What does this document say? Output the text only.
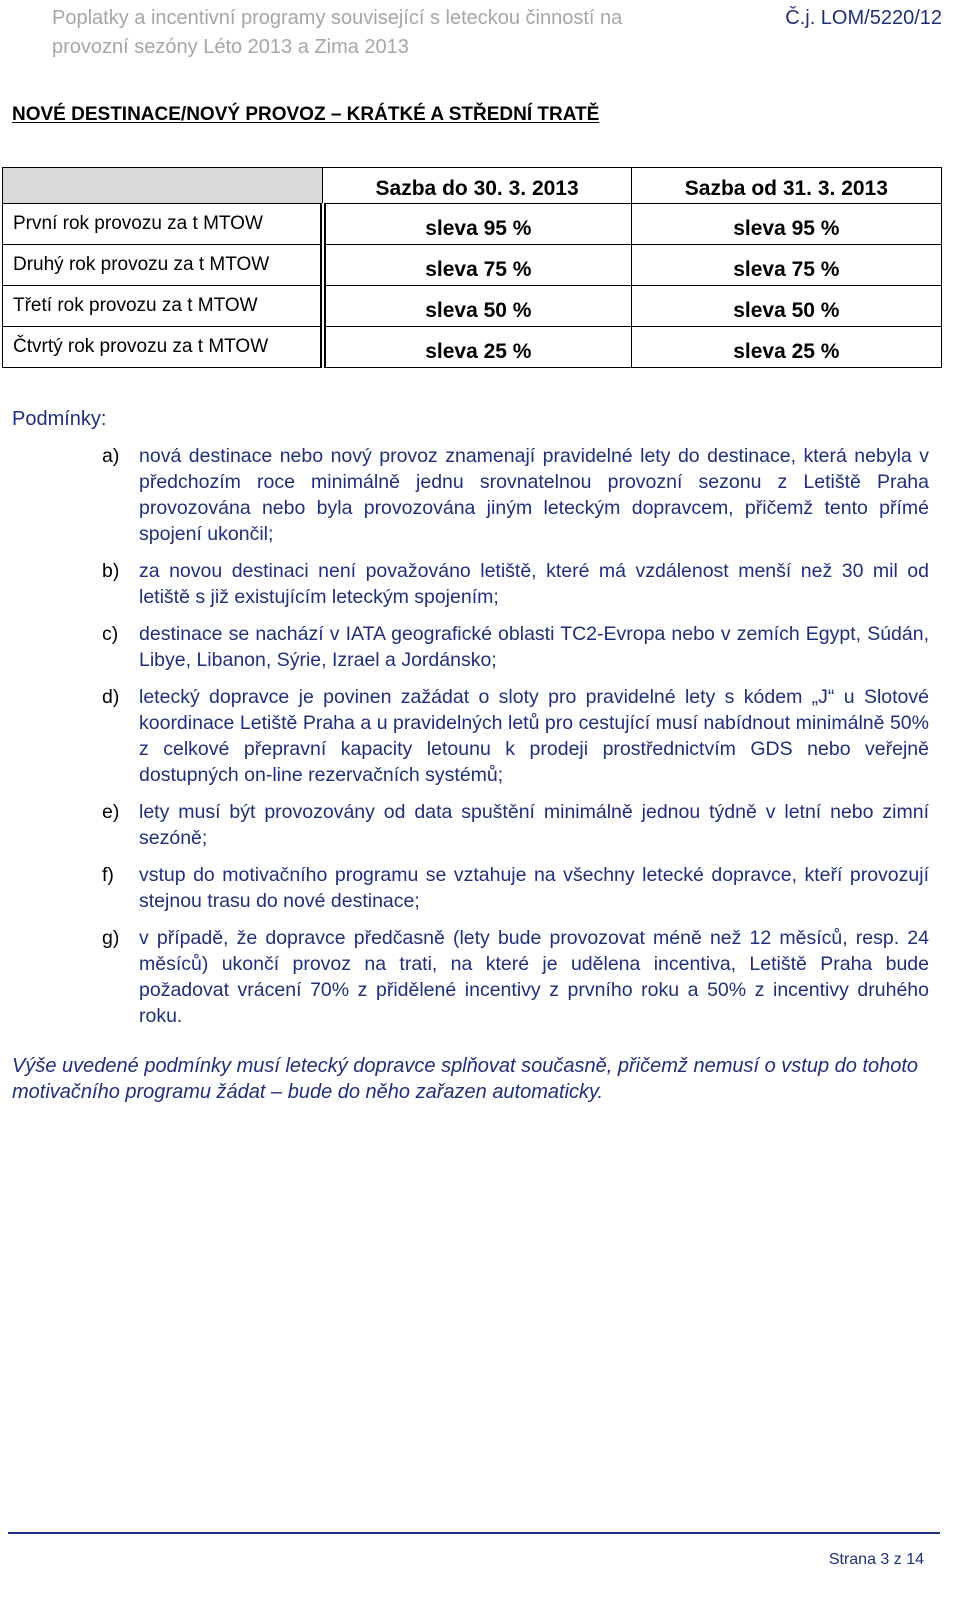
Poplatky a incentivní programy související s leteckou činností na
provozní sezóny Léto 2013 a Zima 2013
Č.j. LOM/5220/12
NOVÉ DESTINACE/NOVÝ PROVOZ – KRÁTKÉ A STŘEDNÍ TRATĚ
	Sazba do 30. 3. 2013	Sazba od 31. 3. 2013
První rok provozu za t MTOW	sleva 95 %	sleva 95 %
Druhý rok provozu za t MTOW	sleva 75 %	sleva 75 %
Třetí rok provozu za t MTOW	sleva 50 %	sleva 50 %
Čtvrtý rok provozu za t MTOW	sleva 25 %	sleva 25 %

Podmínky:

a) nová destinace nebo nový provoz znamenají pravidelné lety do destinace, která nebyla v předchozím roce minimálně jednu srovnatelnou provozní sezonu z Letiště Praha provozována nebo byla provozována jiným leteckým dopravcem, přičemž tento přímé spojení ukončil;
b) za novou destinaci není považováno letiště, které má vzdálenost menší než 30 mil od letiště s již existujícím leteckým spojením;
c) destinace se nachází v IATA geografické oblasti TC2-Evropa nebo v zemích Egypt, Súdán, Libye, Libanon, Sýrie, Izrael a Jordánsko;
d) letecký dopravce je povinen zažádat o sloty pro pravidelné lety s kódem „J“ u Slotové koordinace Letiště Praha a u pravidelných letů pro cestující musí nabídnout minimálně 50% z celkové přepravní kapacity letounu k prodeji prostřednictvím GDS nebo veřejně dostupných on-line rezervačních systémů;
e) lety musí být provozovány od data spuštění minimálně jednou týdně v letní nebo zimní sezóně;
f) vstup do motivačního programu se vztahuje na všechny letecké dopravce, kteří provozují stejnou trasu do nové destinace;
g) v případě, že dopravce předčasně (lety bude provozovat méně než 12 měsíců, resp. 24 měsíců) ukončí provoz na trati, na které je udělena incentiva, Letiště Praha bude požadovat vrácení 70% z přidělené incentivy z prvního roku a 50% z incentivy druhého roku.

Výše uvedené podmínky musí letecký dopravce splňovat současně, přičemž nemusí o vstup do tohoto motivačního programu žádat – bude do něho zařazen automaticky.

Strana 3 z 14
